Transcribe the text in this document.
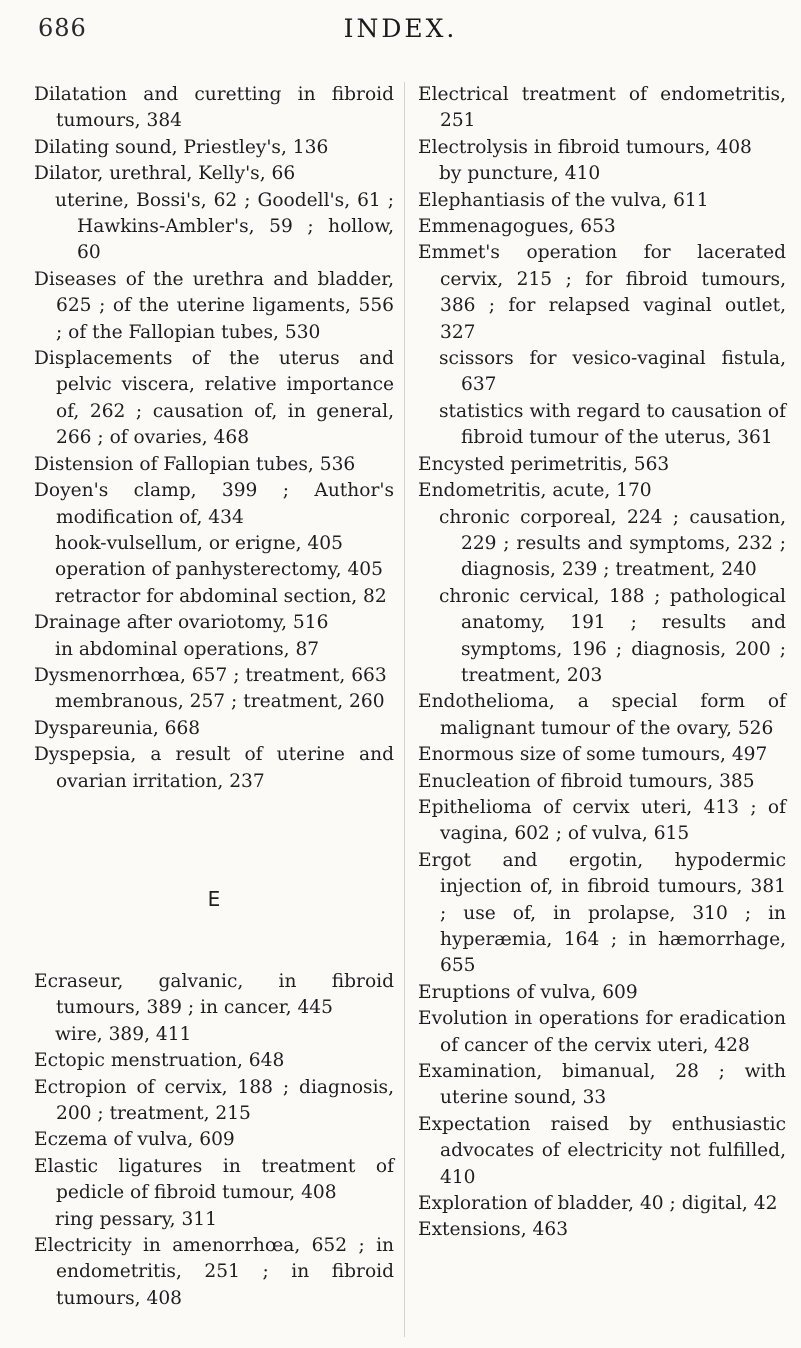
686	INDEX.
Dilatation and curetting in fibroid tumours, 384
Dilating sound, Priestley's, 136
Dilator, urethral, Kelly's, 66
uterine, Bossi's, 62 ; Goodell's, 61 ; Hawkins-Ambler's, 59 ; hollow, 60
Diseases of the urethra and bladder, 625 ; of the uterine ligaments, 556 ; of the Fallopian tubes, 530
Displacements of the uterus and pelvic viscera, relative importance of, 262 ; causation of, in general, 266 ; of ovaries, 468
Distension of Fallopian tubes, 536
Doyen's clamp, 399 ; Author's modification of, 434
hook-vulsellum, or erigne, 405
operation of panhysterectomy, 405
retractor for abdominal section, 82
Drainage after ovariotomy, 516
in abdominal operations, 87
Dysmenorrhœa, 657 ; treatment, 663
membranous, 257 ; treatment, 260
Dyspareunia, 668
Dyspepsia, a result of uterine and ovarian irritation, 237
E
Ecraseur, galvanic, in fibroid tumours, 389 ; in cancer, 445
wire, 389, 411
Ectopic menstruation, 648
Ectropion of cervix, 188 ; diagnosis, 200 ; treatment, 215
Eczema of vulva, 609
Elastic ligatures in treatment of pedicle of fibroid tumour, 408
ring pessary, 311
Electricity in amenorrhœa, 652 ; in endometritis, 251 ; in fibroid tumours, 408
Electrical treatment of endometritis, 251
Electrolysis in fibroid tumours, 408
by puncture, 410
Elephantiasis of the vulva, 611
Emmenagogues, 653
Emmet's operation for lacerated cervix, 215 ; for fibroid tumours, 386 ; for relapsed vaginal outlet, 327
scissors for vesico-vaginal fistula, 637
statistics with regard to causation of fibroid tumour of the uterus, 361
Encysted perimetritis, 563
Endometritis, acute, 170
chronic corporeal, 224 ; causation, 229 ; results and symptoms, 232 ; diagnosis, 239 ; treatment, 240
chronic cervical, 188 ; pathological anatomy, 191 ; results and symptoms, 196 ; diagnosis, 200 ; treatment, 203
Endothelioma, a special form of malignant tumour of the ovary, 526
Enormous size of some tumours, 497
Enucleation of fibroid tumours, 385
Epithelioma of cervix uteri, 413 ; of vagina, 602 ; of vulva, 615
Ergot and ergotin, hypodermic injection of, in fibroid tumours, 381 ; use of, in prolapse, 310 ; in hyperæmia, 164 ; in hæmorrhage, 655
Eruptions of vulva, 609
Evolution in operations for eradication of cancer of the cervix uteri, 428
Examination, bimanual, 28 ; with uterine sound, 33
Expectation raised by enthusiastic advocates of electricity not fulfilled, 410
Exploration of bladder, 40 ; digital, 42
Extensions, 463
